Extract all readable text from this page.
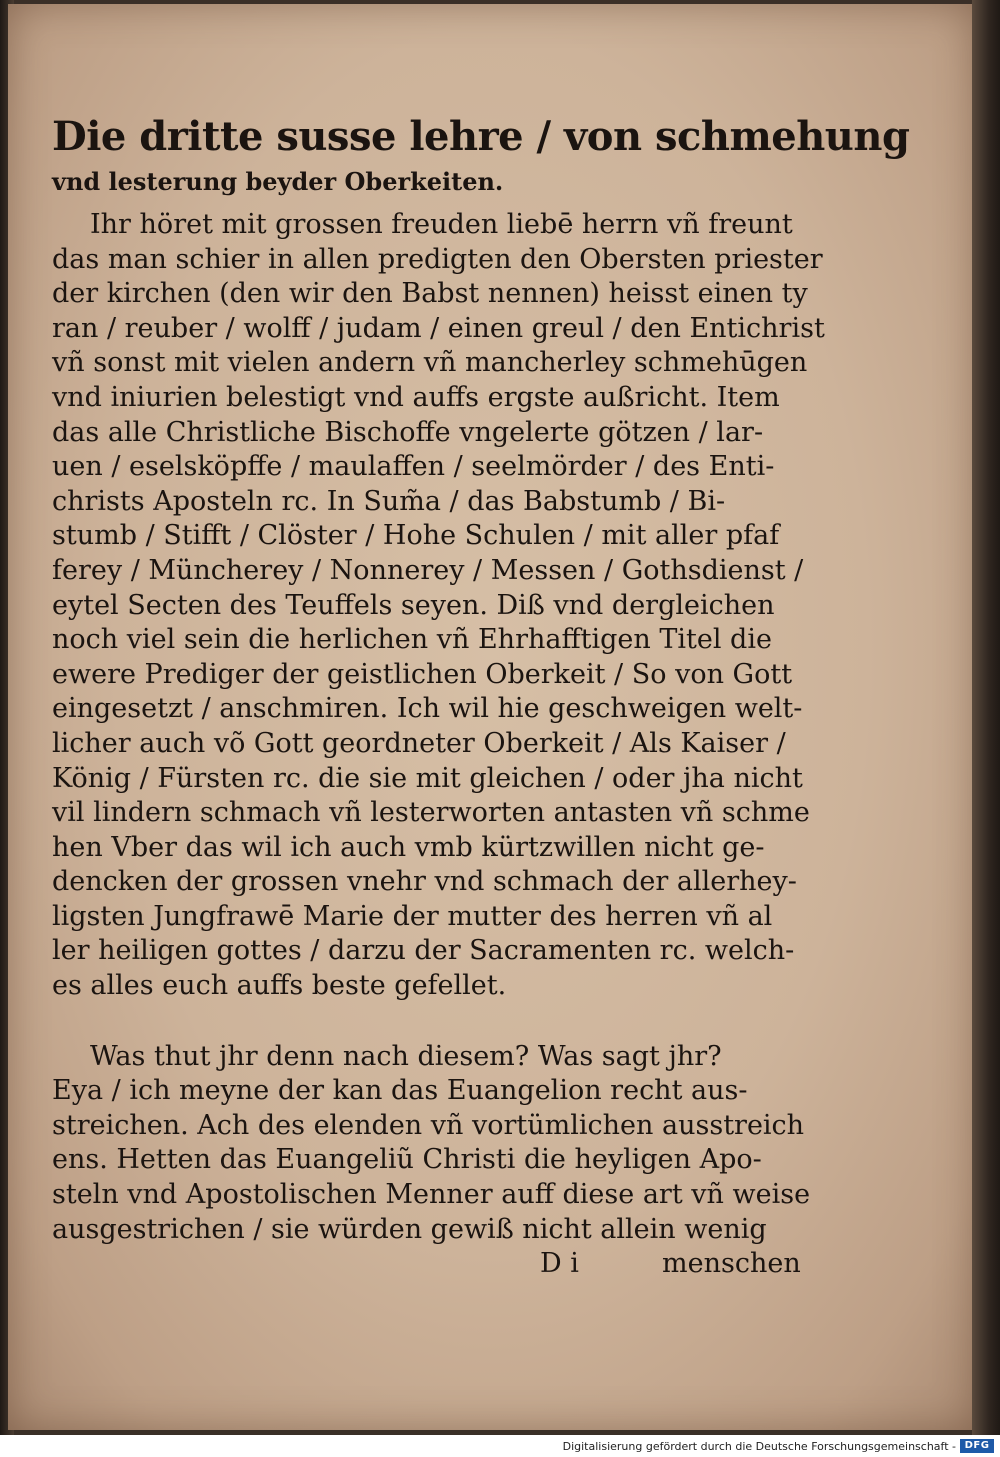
Die dritte susse lehre / von schmehung

vnd lesterung beyder Oberkeiten.

Ihr höret mit grossen freuden liebē herrn vñ freunt

das man schier in allen predigten den Obersten priester

der kirchen (den wir den Babst nennen) heisst einen ty

ran / reuber / wolff / judam / einen greul / den Entichrist

vñ sonst mit vielen andern vñ mancherley schmehūgen

vnd iniurien belestigt vnd auffs ergste außricht. Item

das alle Christliche Bischoffe vngelerte götzen / lar-

uen / eselsköpffe / maulaffen / seelmörder / des Enti-

christs Aposteln rc. In Sum̃a / das Babstumb / Bi-

stumb / Stifft / Clöster / Hohe Schulen / mit aller pfaf

ferey / Müncherey / Nonnerey / Messen / Gothsdienst /

eytel Secten des Teuffels seyen. Diß vnd dergleichen

noch viel sein die herlichen vñ Ehrhafftigen Titel die

ewere Prediger der geistlichen Oberkeit / So von Gott

eingesetzt / anschmiren. Ich wil hie geschweigen welt-

licher auch võ Gott geordneter Oberkeit / Als Kaiser /

König / Fürsten rc. die sie mit gleichen / oder jha nicht

vil lindern schmach vñ lesterworten antasten vñ schme

hen Vber das wil ich auch vmb kürtzwillen nicht ge-

dencken der grossen vnehr vnd schmach der allerhey-

ligsten Jungfrawē Marie der mutter des herren vñ al

ler heiligen gottes / darzu der Sacramenten rc. welch-

es alles euch auffs beste gefellet.

Was thut jhr denn nach diesem? Was sagt jhr?

Eya / ich meyne der kan das Euangelion recht aus-

streichen. Ach des elenden vñ vortümlichen ausstreich

ens. Hetten das Euangeliũ Christi die heyligen Apo-

steln vnd Apostolischen Menner auff diese art vñ weise

ausgestrichen / sie würden gewiß nicht allein wenig

D i	menschen
Digitalisierung gefördert durch die Deutsche Forschungsgemeinschaft - DFG
